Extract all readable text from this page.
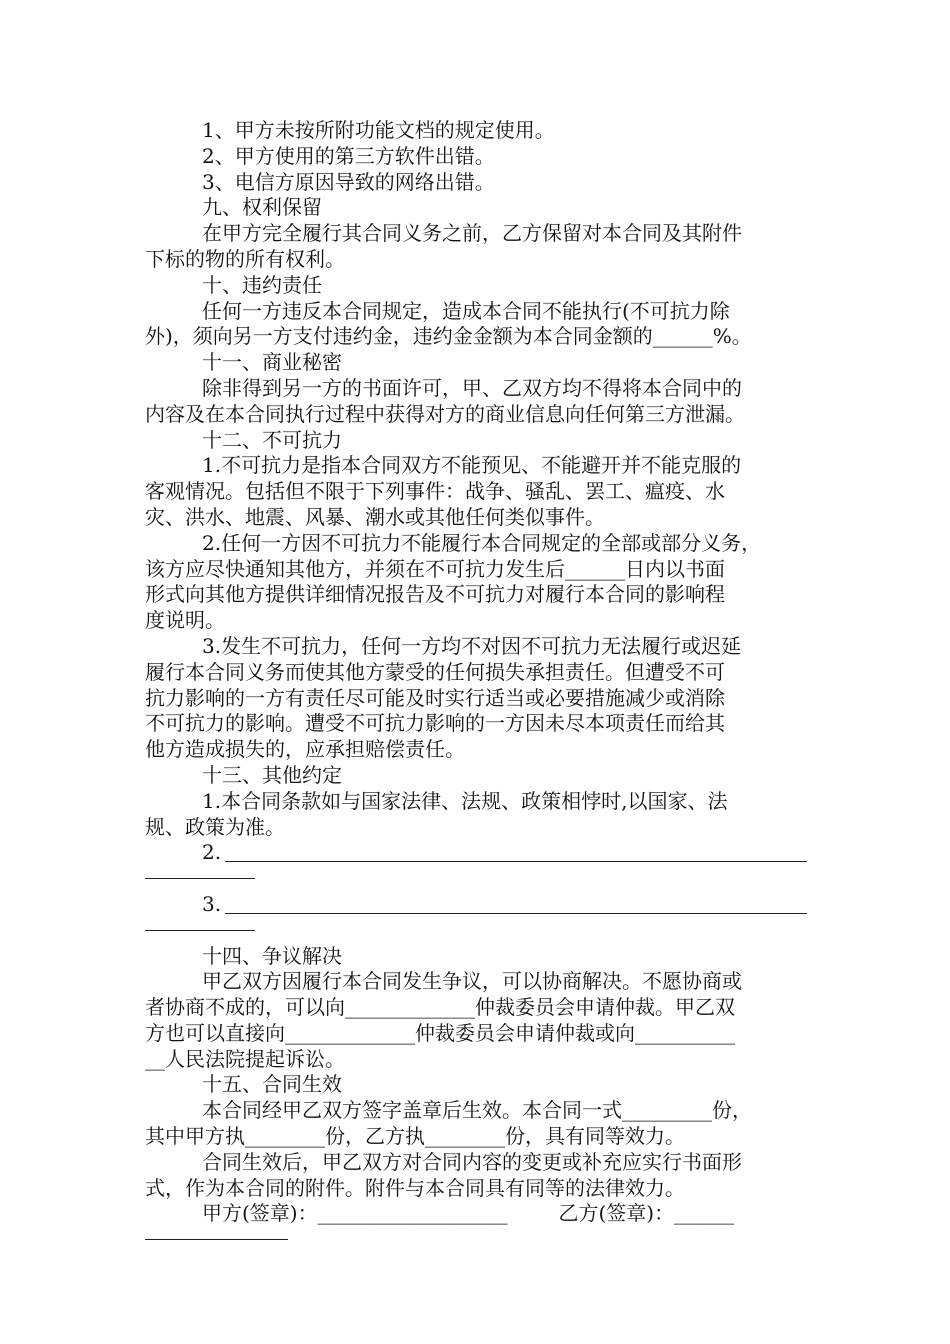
1、甲方未按所附功能文档的规定使用。
2、甲方使用的第三方软件出错。
3、电信方原因导致的网络出错。
九、权利保留
在甲方完全履行其合同义务之前，乙方保留对本合同及其附件
下标的物的所有权利。
十、违约责任
任何一方违反本合同规定，造成本合同不能执行(不可抗力除
外)，须向另一方支付违约金，违约金金额为本合同金额的______%。
十一、商业秘密
除非得到另一方的书面许可，甲、乙双方均不得将本合同中的
内容及在本合同执行过程中获得对方的商业信息向任何第三方泄漏。
十二、不可抗力
1.不可抗力是指本合同双方不能预见、不能避开并不能克服的
客观情况。包括但不限于下列事件：战争、骚乱、罢工、瘟疫、水
灾、洪水、地震、风暴、潮水或其他任何类似事件。
2.任何一方因不可抗力不能履行本合同规定的全部或部分义务，
该方应尽快通知其他方，并须在不可抗力发生后______日内以书面
形式向其他方提供详细情况报告及不可抗力对履行本合同的影响程
度说明。
3.发生不可抗力，任何一方均不对因不可抗力无法履行或迟延
履行本合同义务而使其他方蒙受的任何损失承担责任。但遭受不可
抗力影响的一方有责任尽可能及时实行适当或必要措施减少或消除
不可抗力的影响。遭受不可抗力影响的一方因未尽本项责任而给其
他方造成损失的，应承担赔偿责任。
十三、其他约定
1.本合同条款如与国家法律、法规、政策相悖时,以国家、法
规、政策为准。
2.
3.
十四、争议解决
甲乙双方因履行本合同发生争议，可以协商解决。不愿协商或
者协商不成的，可以向_____________仲裁委员会申请仲裁。甲乙双
方也可以直接向_____________仲裁委员会申请仲裁或向__________
__人民法院提起诉讼。
十五、合同生效
本合同经甲乙双方签字盖章后生效。本合同一式_________份，
其中甲方执________份，乙方执________份，具有同等效力。
合同生效后，甲乙双方对合同内容的变更或补充应实行书面形
式，作为本合同的附件。附件与本合同具有同等的法律效力。
甲方(签章)：___________________        乙方(签章)：______
